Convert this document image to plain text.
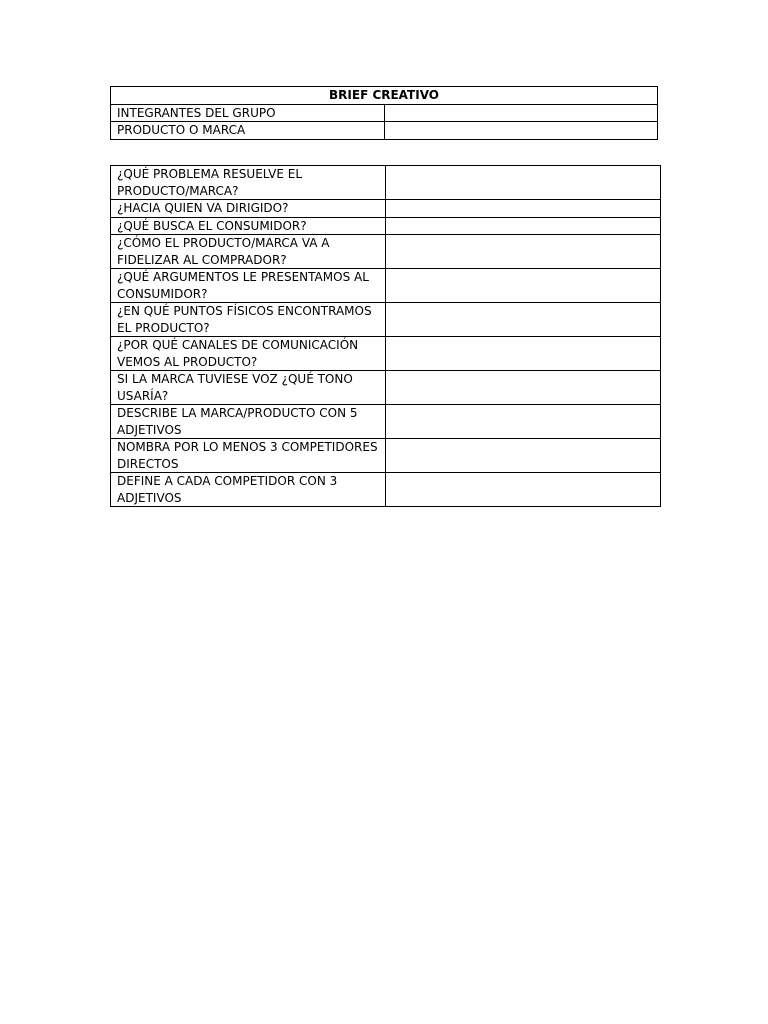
BRIEF CREATIVO	
INTEGRANTES DEL GRUPO	
PRODUCTO O MARCA	
¿QUÉ PROBLEMA RESUELVE EL PRODUCTO/MARCA?	
¿HACIA QUIEN VA DIRIGIDO?	
¿QUÉ BUSCA EL CONSUMIDOR?	
¿CÓMO EL PRODUCTO/MARCA VA A FIDELIZAR AL COMPRADOR?	
¿QUÉ ARGUMENTOS LE PRESENTAMOS AL CONSUMIDOR?	
¿EN QUÉ PUNTOS FÍSICOS ENCONTRAMOS EL PRODUCTO?	
¿POR QUÉ CANALES DE COMUNICACIÓN VEMOS AL PRODUCTO?	
SI LA MARCA TUVIESE VOZ ¿QUÉ TONO USARÍA?	
DESCRIBE LA MARCA/PRODUCTO CON 5 ADJETIVOS	
NOMBRA POR LO MENOS 3 COMPETIDORES DIRECTOS	
DEFINE A CADA COMPETIDOR CON 3 ADJETIVOS	
